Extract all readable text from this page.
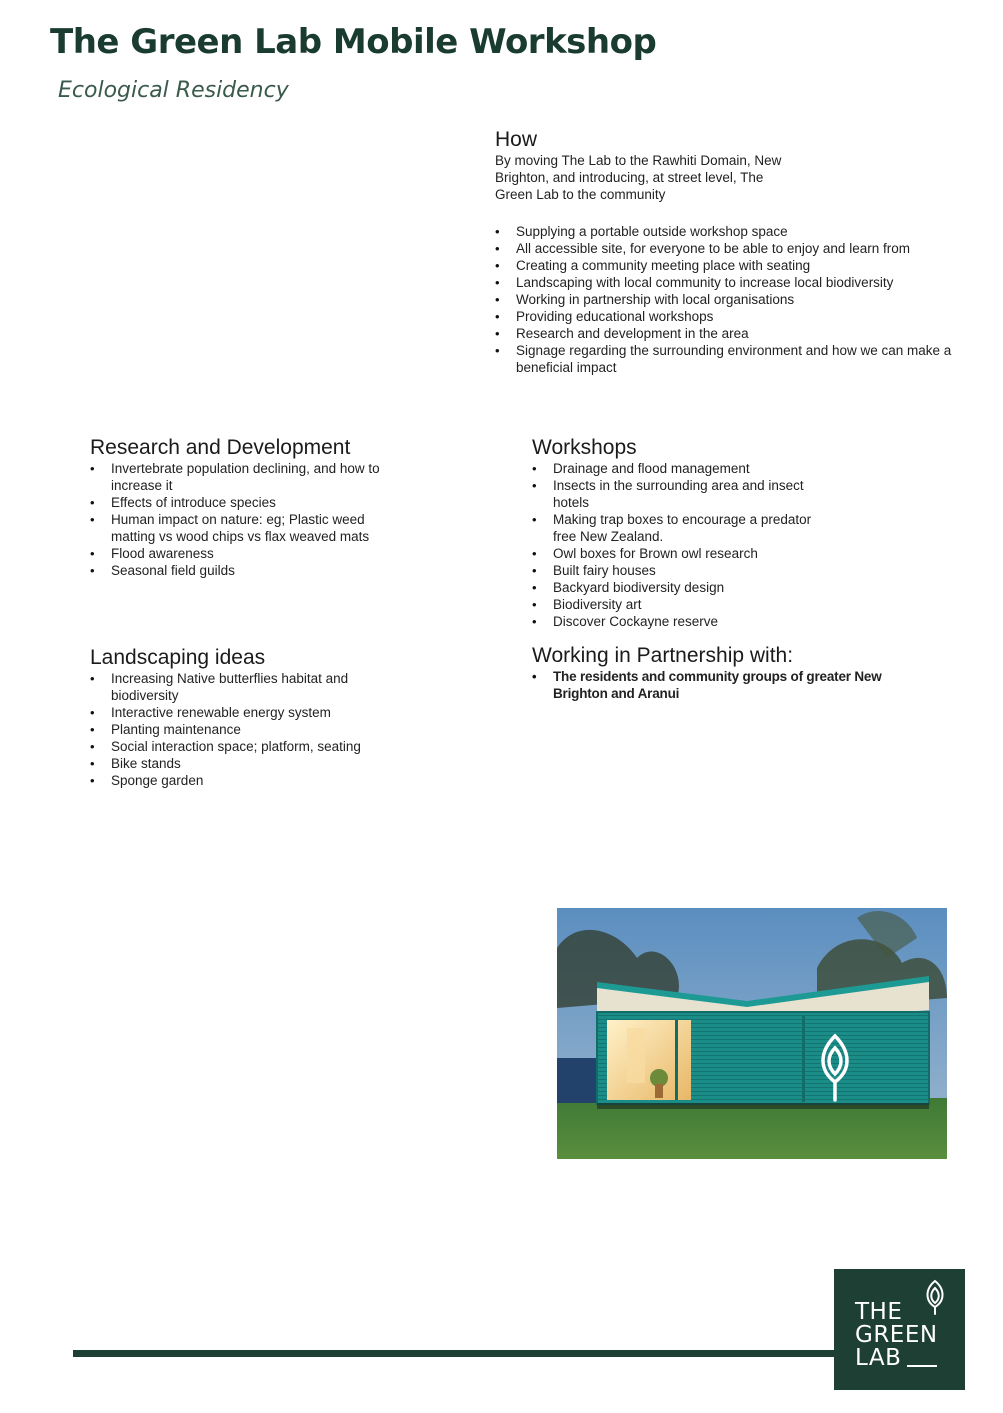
The Green Lab Mobile Workshop
Ecological Residency
How

By moving The Lab to the Rawhiti Domain, New Brighton, and introducing, at street level, The Green Lab to the community

• Supplying a portable outside workshop space
• All accessible site, for everyone to be able to enjoy and learn from
• Creating a community meeting place with seating
• Landscaping with local community to increase local biodiversity
• Working in partnership with local organisations
• Providing educational workshops
• Research and development in the area
• Signage regarding the surrounding environment and how we can make a beneficial impact
Research and Development
• Invertebrate population declining, and how to increase it
• Effects of introduce species
• Human impact on nature: eg; Plastic weed matting vs wood chips vs flax weaved mats
• Flood awareness
• Seasonal field guilds
Workshops
• Drainage and flood management
• Insects in the surrounding area and insect hotels
• Making trap boxes to encourage a predator free New Zealand.
• Owl boxes for Brown owl research
• Built fairy houses
• Backyard biodiversity design
• Biodiversity art
• Discover Cockayne reserve
Landscaping ideas
• Increasing Native butterflies habitat and biodiversity
• Interactive renewable energy system
• Planting maintenance
• Social interaction space; platform, seating
• Bike stands
• Sponge garden
Working in Partnership with:
• The residents and community groups of greater New Brighton and Aranui
THE
GREEN
LAB
